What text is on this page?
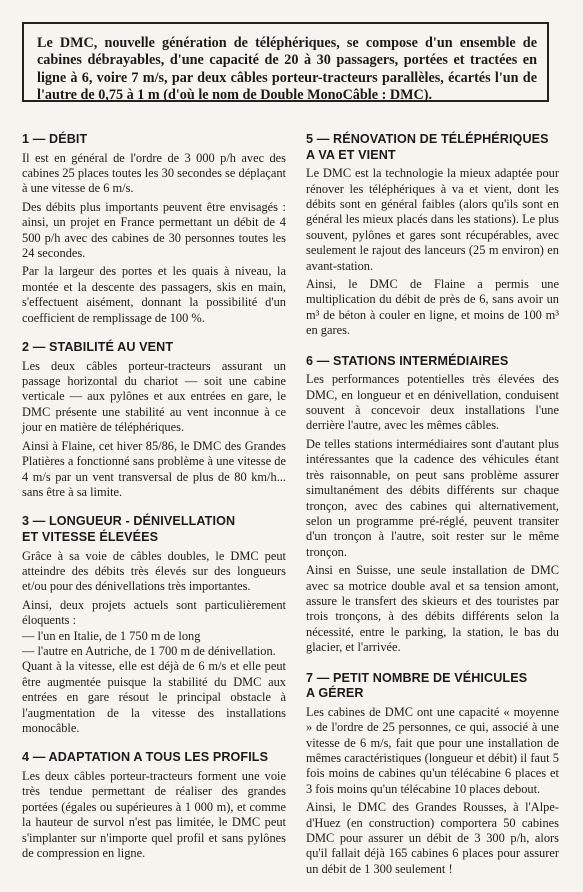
Le DMC, nouvelle génération de téléphériques, se compose d'un ensemble de cabines débrayables, d'une capacité de 20 à 30 passagers, portées et tractées en ligne à 6, voire 7 m/s, par deux câbles porteur-tracteurs parallèles, écartés l'un de l'autre de 0,75 à 1 m (d'où le nom de Double MonoCâble : DMC).
1 — DÉBIT

Il est en général de l'ordre de 3 000 p/h avec des cabines 25 places toutes les 30 secondes se déplaçant à une vitesse de 6 m/s.

Des débits plus importants peuvent être envisagés : ainsi, un projet en France permettant un débit de 4 500 p/h avec des cabines de 30 personnes toutes les 24 secondes.

Par la largeur des portes et les quais à niveau, la montée et la descente des passagers, skis en main, s'effectuent aisément, donnant la possibilité d'un coefficient de remplissage de 100 %.

2 — STABILITÉ AU VENT

Les deux câbles porteur-tracteurs assurant un passage horizontal du chariot — soit une cabine verticale — aux pylônes et aux entrées en gare, le DMC présente une stabilité au vent inconnue à ce jour en matière de téléphériques.

Ainsi à Flaine, cet hiver 85/86, le DMC des Grandes Platières a fonctionné sans problème à une vitesse de 4 m/s par un vent transversal de plus de 80 km/h... sans être à sa limite.

3 — LONGUEUR - DÉNIVELLATION
ET VITESSE ÉLEVÉES

Grâce à sa voie de câbles doubles, le DMC peut atteindre des débits très élevés sur des longueurs et/ou pour des dénivellations très importantes.

Ainsi, deux projets actuels sont particulièrement éloquents :

— l'un en Italie, de 1 750 m de long
— l'autre en Autriche, de 1 700 m de dénivellation.

Quant à la vitesse, elle est déjà de 6 m/s et elle peut être augmentée puisque la stabilité du DMC aux entrées en gare résout le principal obstacle à l'augmentation de la vitesse des installations monocâble.

4 — ADAPTATION A TOUS LES PROFILS

Les deux câbles porteur-tracteurs forment une voie très tendue permettant de réaliser des grandes portées (égales ou supérieures à 1 000 m), et comme la hauteur de survol n'est pas limitée, le DMC peut s'implanter sur n'importe quel profil et sans pylônes de compression en ligne.

5 — RÉNOVATION DE TÉLÉPHÉRIQUES
A VA ET VIENT

Le DMC est la technologie la mieux adaptée pour rénover les téléphériques à va et vient, dont les débits sont en général faibles (alors qu'ils sont en général les mieux placés dans les stations). Le plus souvent, pylônes et gares sont récupérables, avec seulement le rajout des lanceurs (25 m environ) en avant-station.

Ainsi, le DMC de Flaine a permis une multiplication du débit de près de 6, sans avoir un m³ de béton à couler en ligne, et moins de 100 m³ en gares.

6 — STATIONS INTERMÉDIAIRES

Les performances potentielles très élevées des DMC, en longueur et en dénivellation, conduisent souvent à concevoir deux installations l'une derrière l'autre, avec les mêmes câbles.

De telles stations intermédiaires sont d'autant plus intéressantes que la cadence des véhicules étant très raisonnable, on peut sans problème assurer simultanément des débits différents sur chaque tronçon, avec des cabines qui alternativement, selon un programme pré-réglé, peuvent transiter d'un tronçon à l'autre, soit rester sur le même tronçon.

Ainsi en Suisse, une seule installation de DMC avec sa motrice double aval et sa tension amont, assure le transfert des skieurs et des touristes par trois tronçons, à des débits différents selon la nécessité, entre le parking, la station, le bas du glacier, et l'arrivée.

7 — PETIT NOMBRE DE VÉHICULES
A GÉRER

Les cabines de DMC ont une capacité « moyenne » de l'ordre de 25 personnes, ce qui, associé à une vitesse de 6 m/s, fait que pour une installation de mêmes caractéristiques (longueur et débit) il faut 5 fois moins de cabines qu'un télécabine 6 places et 3 fois moins qu'un télécabine 10 places debout.

Ainsi, le DMC des Grandes Rousses, à l'Alpe-d'Huez (en construction) comportera 50 cabines DMC pour assurer un débit de 3 300 p/h, alors qu'il fallait déjà 165 cabines 6 places pour assurer un débit de 1 300 seulement !
